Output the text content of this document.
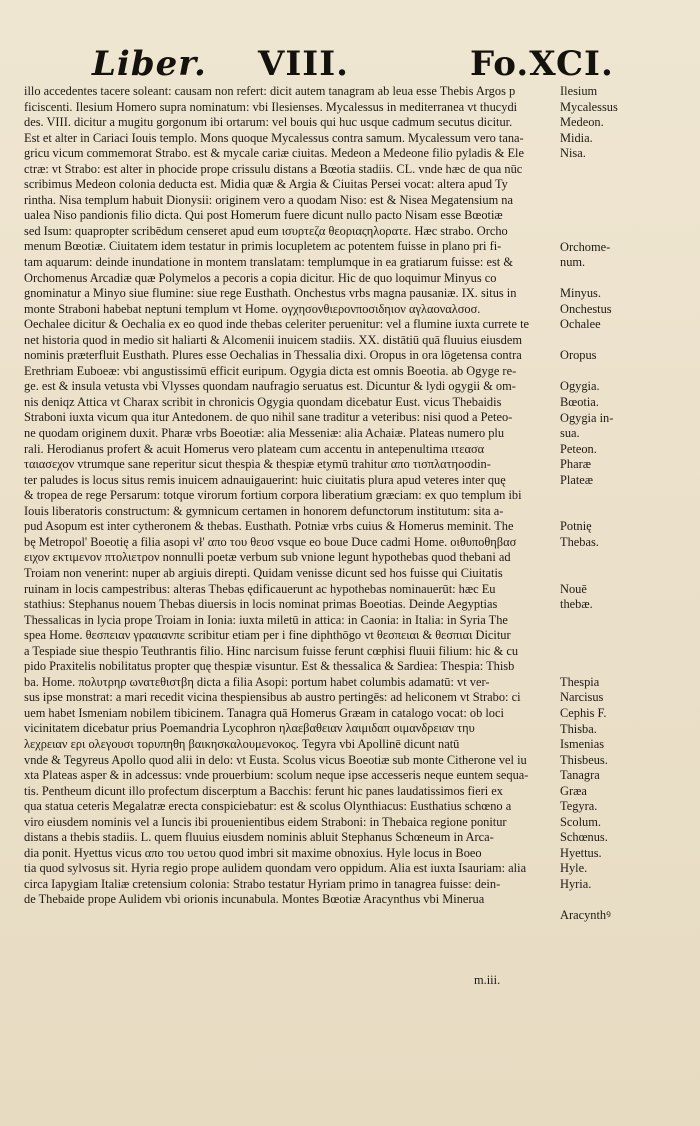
Liber. VIII.	Fo.XCI.
illo accedentes tacere soleant: causam non refert: dicit autem tanagram ab leua esse Thebis Argos p
ficiscenti. Ilesium Homero supra nominatum: vbi Ilesienses. Mycalessus in mediterranea vt thucydi
des. VIII. dicitur a mugitu gorgonum ibi ortarum: vel bouis qui huc usque cadmum secutus dicitur.
Est et alter in Cariaci Iouis templo. Mons quoque Mycalessus contra samum. Mycalessum vero tana-
gricu vicum commemorat Strabo. est & mycale cariæ ciuitas. Medeon a Medeone filio pyladis & Ele
ctræ: vt Strabo: est alter in phocide prope crissulu distans a Bœotia stadiis. CL. vnde hæc de qua nūc
scribimus Medeon colonia deducta est. Midia quæ & Argia & Ciuitas Persei vocat: altera apud Ty
rintha. Nisa templum habuit Dionysii: originem vero a quodam Niso: est & Nisea Megatensium na
ualea Niso pandionis filio dicta. Qui post Homerum fuere dicunt nullo pacto Nisam esse Bœotiæ
sed Isum: quapropter scribēdum censeret apud eum ισυρτεζα θεοριαςηλορατε. Hæc strabo. Orcho
menum Bœotiæ. Ciuitatem idem testatur in primis locupletem ac potentem fuisse in plano pri fi-
tam aquarum: deinde inundatione in montem translatam: templumque in ea gratiarum fuisse: est &
Orchomenus Arcadiæ quæ Polymelos a pecoris a copia dicitur. Hic de quo loquimur Minyus co
gnominatur a Minyo siue flumine: siue rege Eusthath. Onchestus vrbs magna pausaniæ. IX. situs in
monte Straboni habebat neptuni templum vt Home. ογχησονθιερονποσιδηιον αγλαοναλσοσ.
Oechalee dicitur & Oechalia ex eo quod inde thebas celeriter peruenitur: vel a flumine iuxta currete te
net historia quod in medio sit haliarti & Alcomenii inuicem stadiis. XX. distātiū quā fluuius eiusdem
nominis præterfluit Eusthath. Plures esse Oechalias in Thessalia dixi. Oropus in ora lōgetensa contra
Erethriam Euboeæ: vbi angustissimū efficit euripum. Ogygia dicta est omnis Boeotia. ab Ogyge re-
ge. est & insula vetusta vbi Vlysses quondam naufragio seruatus est. Dicuntur & lydi ogygii & om-
nis deniqz Attica vt Charax scribit in chronicis Ogygia quondam dicebatur Eust. vicus Thebaidis
Straboni iuxta vicum qua itur Antedonem. de quo nihil sane traditur a veteribus: nisi quod a Peteo-
ne quodam originem duxit. Pharæ vrbs Boeotiæ: alia Messeniæ: alia Achaiæ. Plateas numero plu
rali. Herodianus profert & acuit Homerus vero plateam cum accentu in antepenultima ιτεασα
ταιασεχον vtrumque sane reperitur sicut thespia & thespiæ etymū trahitur απο τισπλατηοσdin-
ter paludes is locus situs remis inuicem adnauigauerint: huic ciuitatis plura apud veteres inter quę
& tropea de rege Persarum: totque virorum fortium corpora liberatium græciam: ex quo templum ibi
Iouis liberatoris constructum: & gymnicum certamen in honorem defunctorum institutum: sita a-
pud Asopum est inter cytheronem & thebas. Eusthath. Potniæ vrbs cuius & Homerus meminit. The
bę Metropol' Boeotię a filia asopi vł' απο του θευσ vsque eo boue Duce cadmi Home. οιθυποθηβασ
ειχον εκτιμενον πτολιετρον nonnulli poetæ verbum sub vnione legunt hypothebas quod thebani ad
Troiam non venerint: nuper ab argiuis direpti. Quidam venisse dicunt sed hos fuisse qui Ciuitatis
ruinam in locis campestribus: alteras Thebas ędificauerunt ac hypothebas nominauerūt: hæc Eu
stathius: Stephanus nouem Thebas diuersis in locis nominat primas Boeotias. Deinde Aegyptias
Thessalicas in lycia prope Troiam in Ionia: iuxta miletū in attica: in Caonia: in Italia: in Syria The
spea Home. θεσπειαν γρααιανπε scribitur etiam per i fine diphthōgo vt θεσπειαι & θεσπιαι Dicitur
a Tespiade siue thespio Teuthrantis filio. Hinc narcisum fuisse ferunt cœphisi fluuii filium: hic & cu
pido Praxitelis nobilitatus propter quę thespiæ visuntur. Est & thessalica & Sardiea: Thespia: Thisb
ba. Home. πολυτρηρ ωνατεθιστβη dicta a filia Asopi: portum habet columbis adamatū: vt ver-
sus ipse monstrat: a mari recedit vicina thespiensibus ab austro pertingēs: ad heliconem vt Strabo: ci
uem habet Ismeniam nobilem tibicinem. Tanagra quā Homerus Græam in catalogo vocat: ob loci
vicinitatem dicebatur prius Poemandria Lycophron ηλαεβαθειαν λαιμιδαπ οιμανδρειαν τηυ
λεχρειαν ερι ολεγουσι τορυπηθη βαικησκαλουμενοκος. Tegyra vbi Apollinē dicunt natū
vnde & Tegyreus Apollo quod alii in delo: vt Eusta. Scolus vicus Boeotiæ sub monte Citherone vel iu
xta Plateas asper & in adcessus: vnde prouerbium: scolum neque ipse accesseris neque euntem sequa-
tis. Pentheum dicunt illo profectum discerptum a Bacchis: ferunt hic panes laudatissimos fieri ex
qua statua ceteris Megalatræ erecta conspiciebatur: est & scolus Olynthiacus: Eusthatius schœno a
viro eiusdem nominis vel a Iuncis ibi prouenientibus eidem Straboni: in Thebaica regione ponitur
distans a thebis stadiis. L. quem fluuius eiusdem nominis abluit Stephanus Schœneum in Arca-
dia ponit. Hyettus vicus απο του υετου quod imbri sit maxime obnoxius. Hyle locus in Boeo
tia quod sylvosus sit. Hyria regio prope aulidem quondam vero oppidum. Alia est iuxta Isauriam: alia
circa Iapygiam Italiæ cretensium colonia: Strabo testatur Hyriam primo in tanagrea fuisse: dein-
de Thebaide prope Aulidem vbi orionis incunabula. Montes Bœotiæ Aracynthus vbi Minerua
Ilesium
Mycalessus
Medeon.
Midia.
Nisa.
Orchome-
num.
Minyus.
Onchestus
Ochalee
Oropus
Ogygia.
Bœotia.
Ogygia in-
sua.
Peteon.
Pharæ
Plateæ
Potnię
Thebas.
Nouē
thebæ.
Thespia
Narcisus
Cephis F.
Thisba.
Ismenias
Thisbeus.
Tanagra
Græa
Tegyra.
Scolum.
Schœnus.
Hyettus.
Hyle.
Hyria.
Aracynthꝰ
m.iii.
